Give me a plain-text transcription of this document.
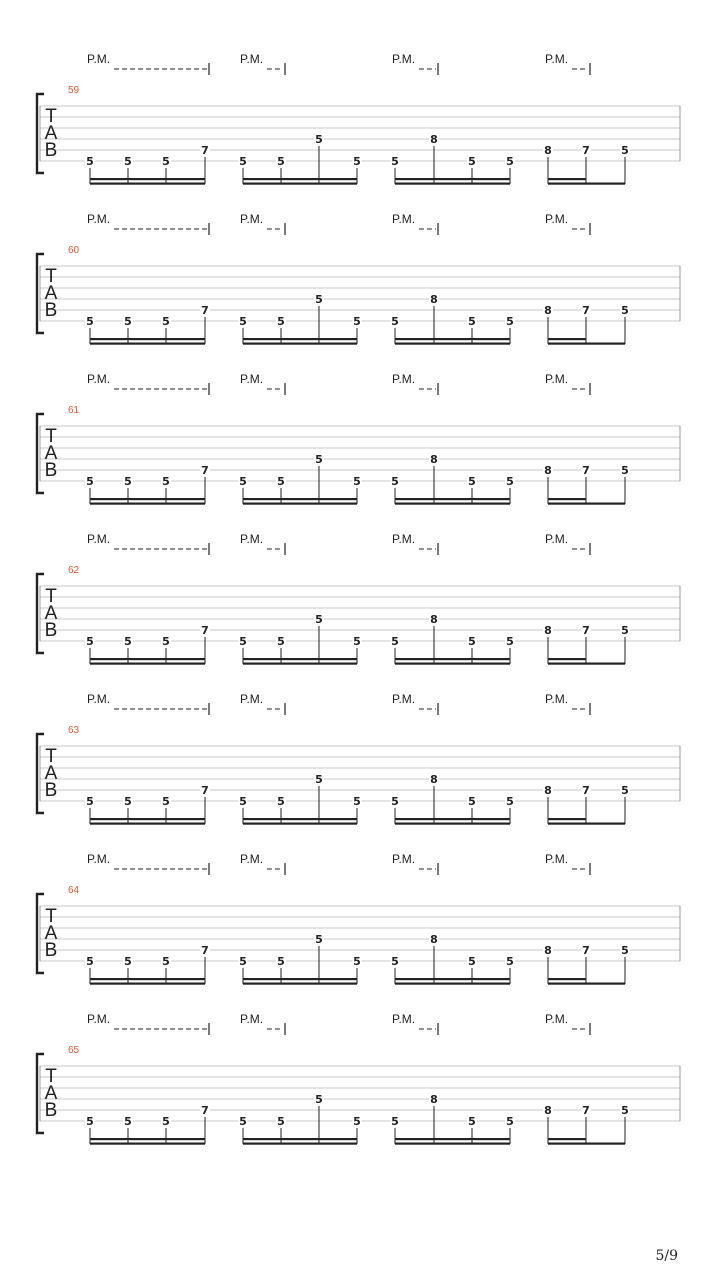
P.M.	P.M.	P.M.	P.M.
59
T
A
B
5	5	5
7
5	5
5
5	5
8
5	5
8	7	5
P.M.	P.M.	P.M.	P.M.
60
T
A
B
5	5	5
7
5	5
5
5	5
8
5	5
8	7	5
P.M.	P.M.	P.M.	P.M.
61
T
A
B
5	5	5
7
5	5
5
5	5
8
5	5
8	7	5
P.M.	P.M.	P.M.	P.M.
62
T
A
B
5	5	5
7
5	5
5
5	5
8
5	5
8	7	5
P.M.	P.M.	P.M.	P.M.
63
T
A
B
5	5	5
7
5	5
5
5	5
8
5	5
8	7	5
P.M.	P.M.	P.M.	P.M.
64
T
A
B
5	5	5
7
5	5
5
5	5
8
5	5
8	7	5
P.M.	P.M.	P.M.	P.M.
65
T
A
B
5	5	5
7
5	5
5
5	5
8
5	5
8	7	5
5/9
